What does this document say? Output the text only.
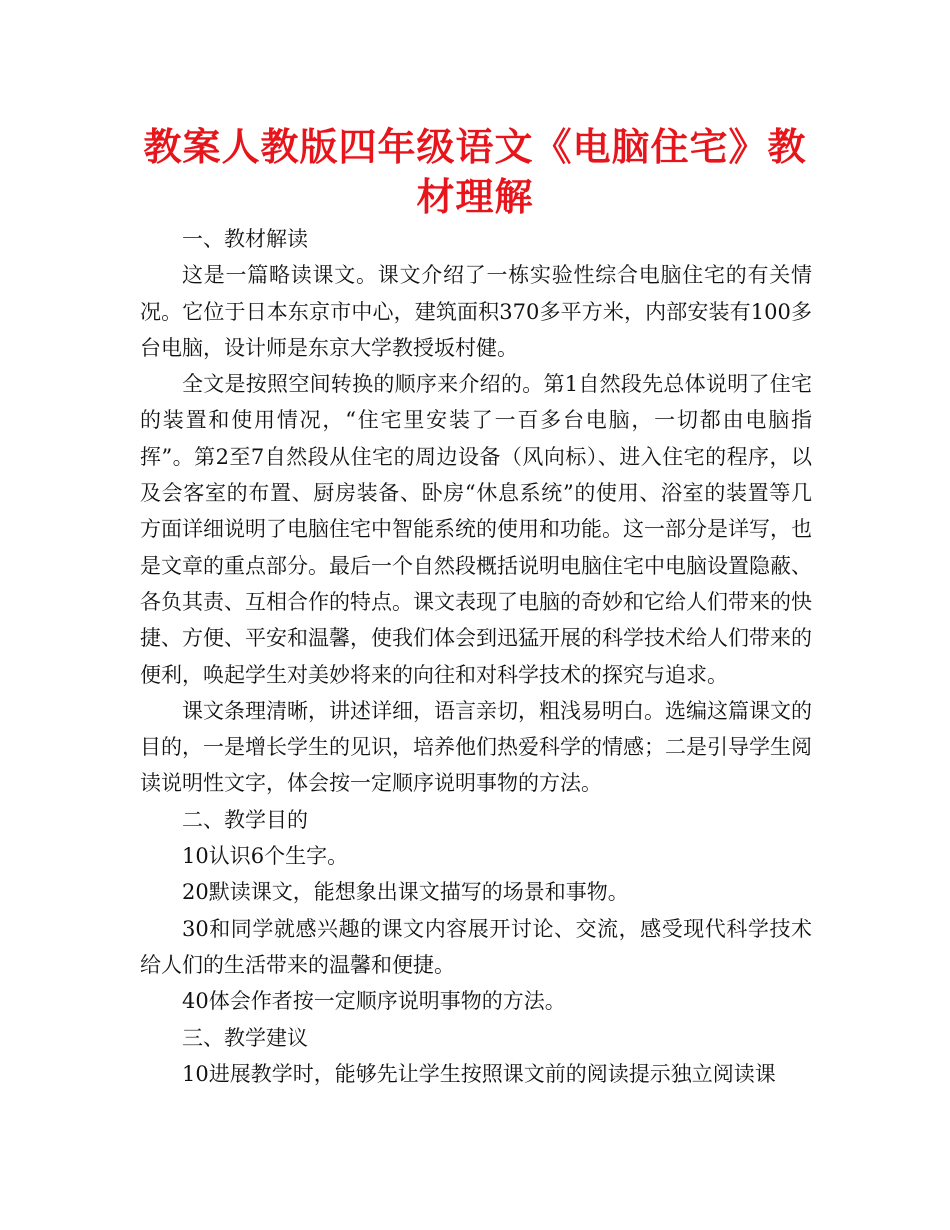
教案人教版四年级语文《电脑住宅》教材理解

一、教材解读

这是一篇略读课文。课文介绍了一栋实验性综合电脑住宅的有关情况。它位于日本东京市中心，建筑面积370多平方米，内部安装有100多台电脑，设计师是东京大学教授坂村健。

全文是按照空间转换的顺序来介绍的。第1自然段先总体说明了住宅的装置和使用情况，“住宅里安装了一百多台电脑，一切都由电脑指挥”。第2至7自然段从住宅的周边设备（风向标）、进入住宅的程序，以及会客室的布置、厨房装备、卧房“休息系统”的使用、浴室的装置等几方面详细说明了电脑住宅中智能系统的使用和功能。这一部分是详写，也是文章的重点部分。最后一个自然段概括说明电脑住宅中电脑设置隐蔽、各负其责、互相合作的特点。课文表现了电脑的奇妙和它给人们带来的快捷、方便、平安和温馨，使我们体会到迅猛开展的科学技术给人们带来的便利，唤起学生对美妙将来的向往和对科学技术的探究与追求。

课文条理清晰，讲述详细，语言亲切，粗浅易明白。选编这篇课文的目的，一是增长学生的见识，培养他们热爱科学的情感；二是引导学生阅读说明性文字，体会按一定顺序说明事物的方法。

二、教学目的

10认识6个生字。

20默读课文，能想象出课文描写的场景和事物。

30和同学就感兴趣的课文内容展开讨论、交流，感受现代科学技术给人们的生活带来的温馨和便捷。

40体会作者按一定顺序说明事物的方法。

三、教学建议

10进展教学时，能够先让学生按照课文前的阅读提示独立阅读课
